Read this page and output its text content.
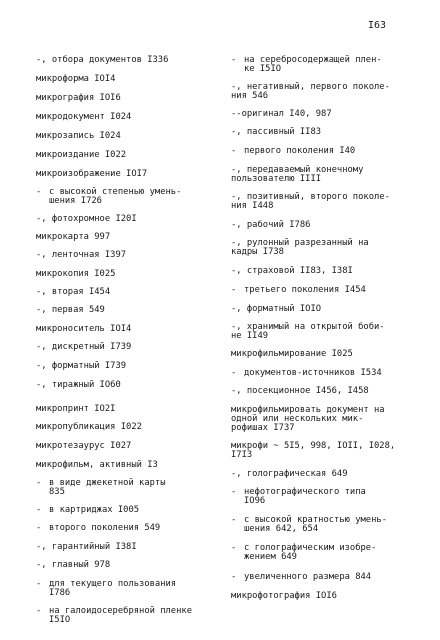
I63
-, отбора документов I336
микроформа IOI4
микрография IOI6
микродокумент I024
микрозапись I024
микроиздание I022
микроизображение IOI7
- с высокой степенью умень-
шения I726
-, фотохромное I20I
микрокарта 997
-, ленточная I397
микрокопия I025
-, вторая I454
-, первая 549
микроноситель IOI4
-, дискретный I739
-, форматный I739
-, тиражный IO60
микропринт IO2I
микропубликация I022
микротезаурус I027
микрофильм, активный I3
- в виде джекетной карты
835
- в картриджах I005
- второго поколения 549
-, гарантийный I38I
-, главный 978
- для текущего пользования
I786
- на галоидосеребряной пленке
I5IO
- на серебросодержащей плен-
ке I5IO
-, негативный, первого поколе-
ния 546
--оригинал I40, 987
-, пассивный II83
- первого поколения I40
-, передаваемый конечному
пользователю IIII
-, позитивный, второго поколе-
ния I448
-, рабочий I786
-, рулонный разрезанный на
кадры I738
-, страховой II83, I38I
- третьего поколения I454
-, форматный IOIO
-, хранимый на открытой боби-
не II49
микрофильмирование I025
- документов-источников I534
-, посекционное I456, I458
микрофильмировать документ на
одной или нескольких мик-
рофишах I737
микрофи ~ 5I5, 998, IOII, I028,
I7I3
-, голографическая 649
- нефотографического типа
IO96
- с высокой кратностью умень-
шения 642, 654
- с голографическим изобре-
жением 649
- увеличенного размера 844
микрофотография IOI6
